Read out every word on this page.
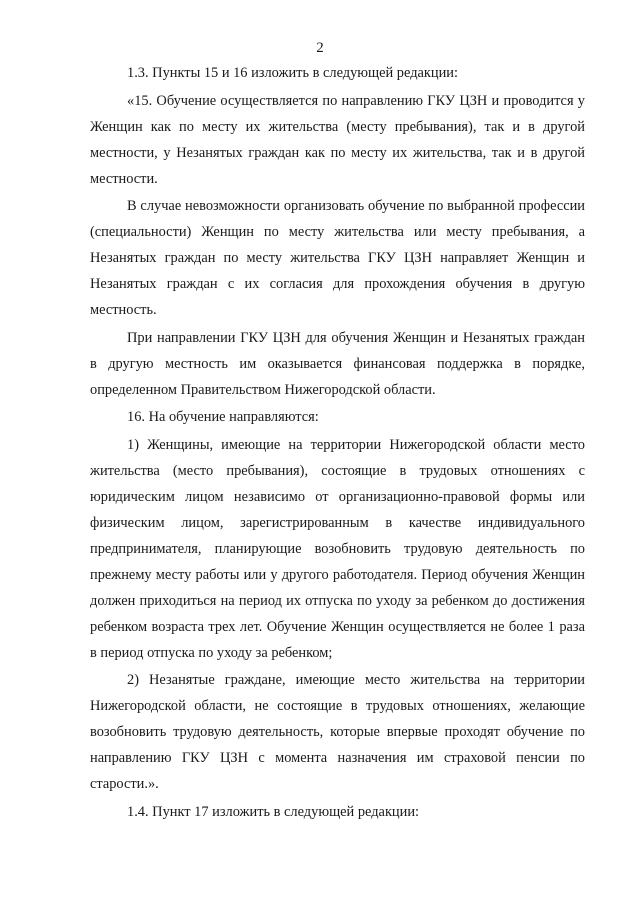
2

1.3. Пункты 15 и 16 изложить в следующей редакции:

«15. Обучение осуществляется по направлению ГКУ ЦЗН и проводится у Женщин как по месту их жительства (месту пребывания), так и в другой местности, у Незанятых граждан как по месту их жительства, так и в другой местности.

В случае невозможности организовать обучение по выбранной профессии (специальности) Женщин по месту жительства или месту пребывания, а Незанятых граждан по месту жительства ГКУ ЦЗН направляет Женщин и Незанятых граждан с их согласия для прохождения обучения в другую местность.

При направлении ГКУ ЦЗН для обучения Женщин и Незанятых граждан в другую местность им оказывается финансовая поддержка в порядке, определенном Правительством Нижегородской области.

16. На обучение направляются:

1) Женщины, имеющие на территории Нижегородской области место жительства (место пребывания), состоящие в трудовых отношениях с юридическим лицом независимо от организационно-правовой формы или физическим лицом, зарегистрированным в качестве индивидуального предпринимателя, планирующие возобновить трудовую деятельность по прежнему месту работы или у другого работодателя. Период обучения Женщин должен приходиться на период их отпуска по уходу за ребенком до достижения ребенком возраста трех лет. Обучение Женщин осуществляется не более 1 раза в период отпуска по уходу за ребенком;

2) Незанятые граждане, имеющие место жительства на территории Нижегородской области, не состоящие в трудовых отношениях, желающие возобновить трудовую деятельность, которые впервые проходят обучение по направлению ГКУ ЦЗН с момента назначения им страховой пенсии по старости.».

1.4. Пункт 17 изложить в следующей редакции:
